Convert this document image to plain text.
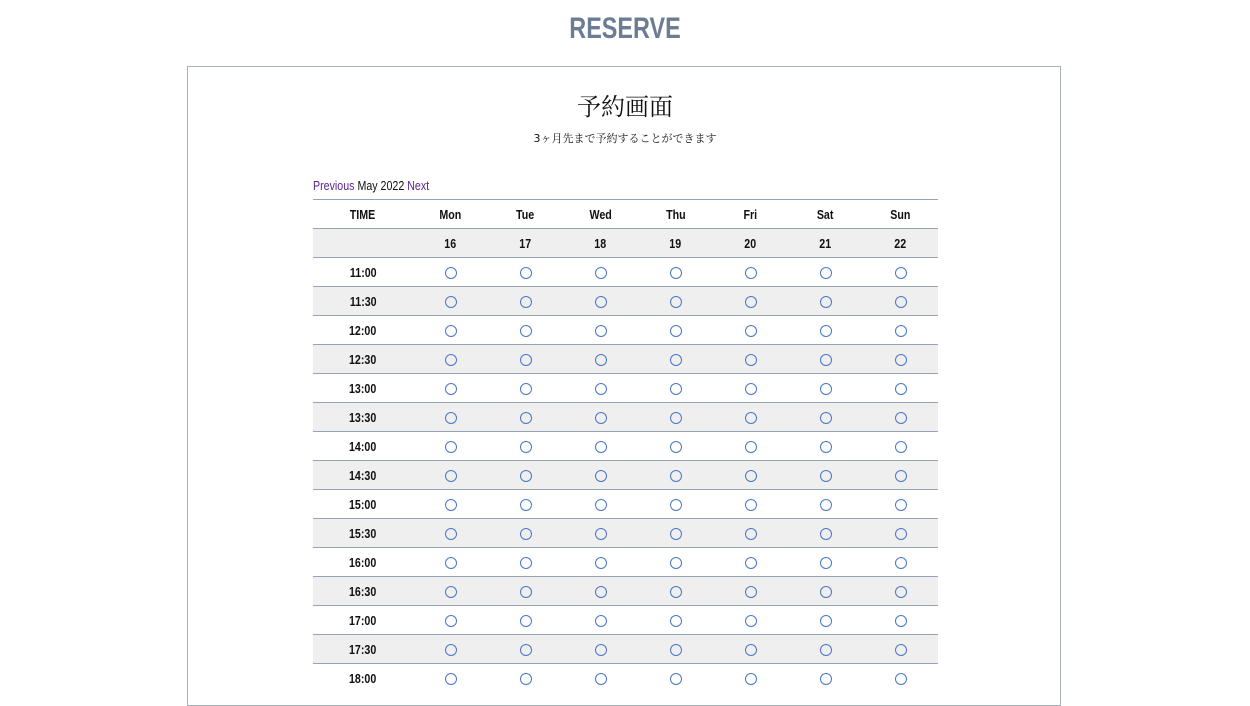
RESERVE
予約画面
3ヶ月先まで予約することができます
Previous May 2022 Next
TIME	Mon	Tue	Wed	Thu	Fri	Sat	Sun
	16	17	18	19	20	21	22
11:00							
11:30							
12:00							
12:30							
13:00							
13:30							
14:00							
14:30							
15:00							
15:30							
16:00							
16:30							
17:00							
17:30							
18:00							
